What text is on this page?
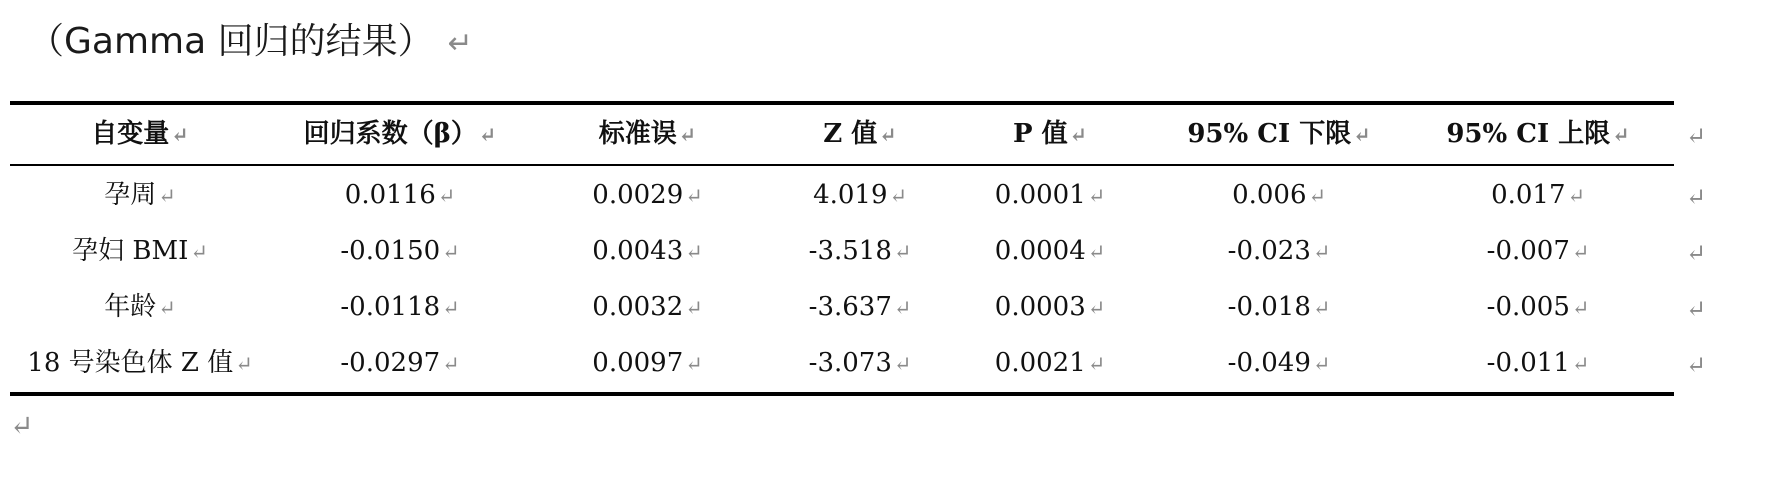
（Gamma 回归的结果） ↵
自变量↵	回归系数（β）↵	标准误↵	Z 值↵	P 值↵	95% CI 下限↵	95% CI 上限↵	↵
孕周↵	0.0116↵	0.0029↵	4.019↵	0.0001↵	0.006↵	0.017↵	↵
孕妇 BMI↵	-0.0150↵	0.0043↵	-3.518↵	0.0004↵	-0.023↵	-0.007↵	↵
年龄↵	-0.0118↵	0.0032↵	-3.637↵	0.0003↵	-0.018↵	-0.005↵	↵
18 号染色体 Z 值↵	-0.0297↵	0.0097↵	-3.073↵	0.0021↵	-0.049↵	-0.011↵	↵
↵
